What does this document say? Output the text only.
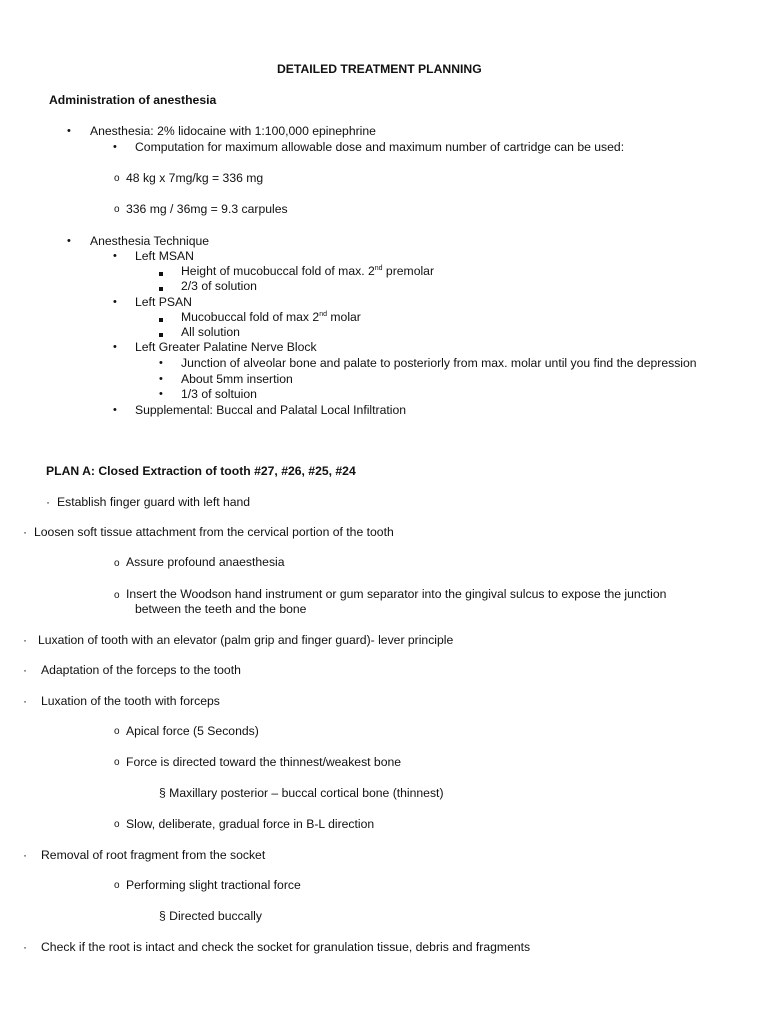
DETAILED TREATMENT PLANNING
Administration of anesthesia
• Anesthesia: 2% lidocaine with 1:100,000 epinephrine
• Computation for maximum allowable dose and maximum number of cartridge can be used:
o 48 kg x 7mg/kg = 336 mg
o 336 mg / 36mg = 9.3 carpules
• Anesthesia Technique
• Left MSAN
Height of mucobuccal fold of max. 2nd premolar
2/3 of solution
• Left PSAN
Mucobuccal fold of max 2nd molar
All solution
• Left Greater Palatine Nerve Block
• Junction of alveolar bone and palate to posteriorly from max. molar until you find the depression
• About 5mm insertion
• 1/3 of soltuion
• Supplemental: Buccal and Palatal Local Infiltration
PLAN A: Closed Extraction of tooth #27, #26, #25, #24
· Establish finger guard with left hand
· Loosen soft tissue attachment from the cervical portion of the tooth
o Assure profound anaesthesia
o Insert the Woodson hand instrument or gum separator into the gingival sulcus to expose the junction
between the teeth and the bone
· Luxation of tooth with an elevator (palm grip and finger guard)- lever principle
· Adaptation of the forceps to the tooth
· Luxation of the tooth with forceps
o Apical force (5 Seconds)
o Force is directed toward the thinnest/weakest bone
§ Maxillary posterior – buccal cortical bone (thinnest)
o Slow, deliberate, gradual force in B-L direction
· Removal of root fragment from the socket
o Performing slight tractional force
§ Directed buccally
· Check if the root is intact and check the socket for granulation tissue, debris and fragments
